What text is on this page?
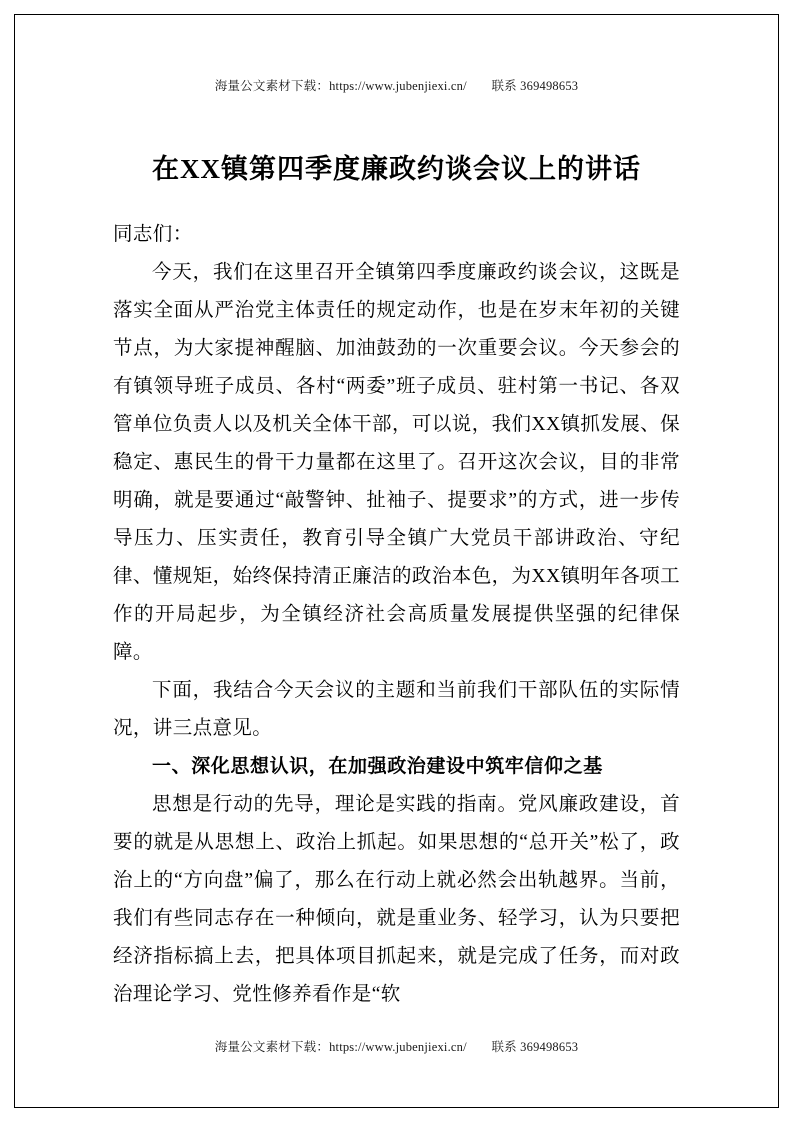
海量公文素材下载：https://www.jubenjiexi.cn/ 联系 369498653
在XX镇第四季度廉政约谈会议上的讲话

同志们：

今天，我们在这里召开全镇第四季度廉政约谈会议，这既是落实全面从严治党主体责任的规定动作，也是在岁末年初的关键节点，为大家提神醒脑、加油鼓劲的一次重要会议。今天参会的有镇领导班子成员、各村“两委”班子成员、驻村第一书记、各双管单位负责人以及机关全体干部，可以说，我们XX镇抓发展、保稳定、惠民生的骨干力量都在这里了。召开这次会议，目的非常明确，就是要通过“敲警钟、扯袖子、提要求”的方式，进一步传导压力、压实责任，教育引导全镇广大党员干部讲政治、守纪律、懂规矩，始终保持清正廉洁的政治本色，为XX镇明年各项工作的开局起步，为全镇经济社会高质量发展提供坚强的纪律保障。

下面，我结合今天会议的主题和当前我们干部队伍的实际情况，讲三点意见。

一、深化思想认识，在加强政治建设中筑牢信仰之基

思想是行动的先导，理论是实践的指南。党风廉政建设，首要的就是从思想上、政治上抓起。如果思想的“总开关”松了，政治上的“方向盘”偏了，那么在行动上就必然会出轨越界。当前，我们有些同志存在一种倾向，就是重业务、轻学习，认为只要把经济指标搞上去，把具体项目抓起来，就是完成了任务，而对政治理论学习、党性修养看作是“软

海量公文素材下载：https://www.jubenjiexi.cn/ 联系 369498653
